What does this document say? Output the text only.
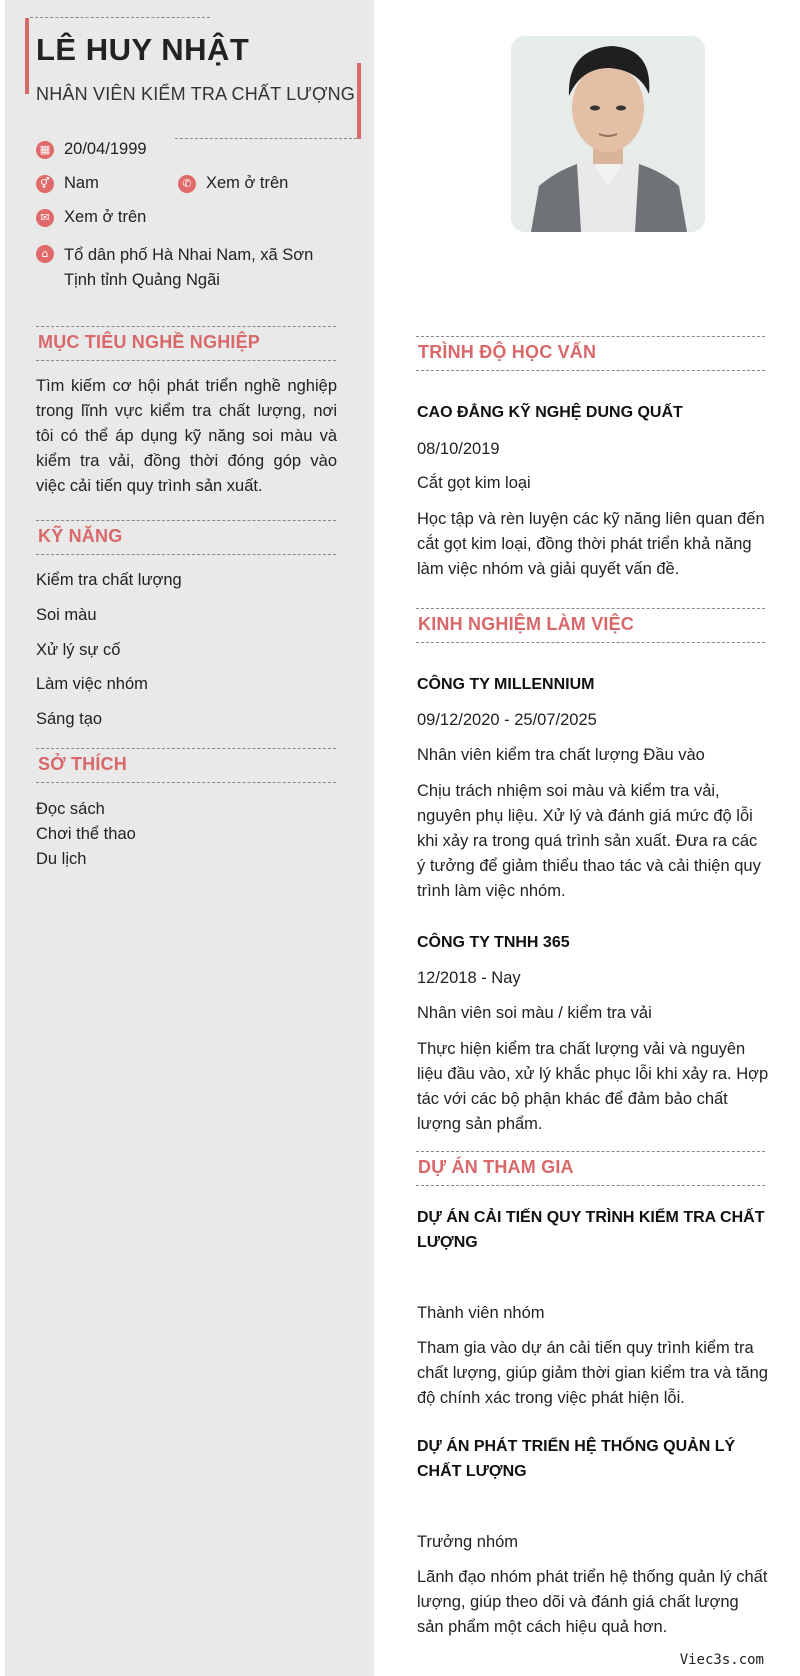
LÊ HUY NHẬT
NHÂN VIÊN KIỂM TRA CHẤT LƯỢNG
▦ 20/04/1999
⚥ Nam	✆ Xem ở trên
✉ Xem ở trên
⌂ Tổ dân phố Hà Nhai Nam, xã Sơn Tịnh tỉnh Quảng Ngãi
MỤC TIÊU NGHỀ NGHIỆP
Tìm kiếm cơ hội phát triển nghề nghiệp trong lĩnh vực kiểm tra chất lượng, nơi tôi có thể áp dụng kỹ năng soi màu và kiểm tra vải, đồng thời đóng góp vào việc cải tiến quy trình sản xuất.
KỸ NĂNG
Kiểm tra chất lượng
Soi màu
Xử lý sự cố
Làm việc nhóm
Sáng tạo
SỞ THÍCH
Đọc sách
Chơi thể thao
Du lịch
TRÌNH ĐỘ HỌC VẤN
CAO ĐẲNG KỸ NGHỆ DUNG QUẤT
08/10/2019
Cắt gọt kim loại
Học tập và rèn luyện các kỹ năng liên quan đến cắt gọt kim loại, đồng thời phát triển khả năng làm việc nhóm và giải quyết vấn đề.
KINH NGHIỆM LÀM VIỆC
CÔNG TY MILLENNIUM
09/12/2020 - 25/07/2025
Nhân viên kiểm tra chất lượng Đầu vào
Chịu trách nhiệm soi màu và kiểm tra vải, nguyên phụ liệu. Xử lý và đánh giá mức độ lỗi khi xảy ra trong quá trình sản xuất. Đưa ra các ý tưởng để giảm thiểu thao tác và cải thiện quy trình làm việc nhóm.
CÔNG TY TNHH 365
12/2018 - Nay
Nhân viên soi màu / kiểm tra vải
Thực hiện kiểm tra chất lượng vải và nguyên liệu đầu vào, xử lý khắc phục lỗi khi xảy ra. Hợp tác với các bộ phận khác để đảm bảo chất lượng sản phẩm.
DỰ ÁN THAM GIA
DỰ ÁN CẢI TIẾN QUY TRÌNH KIỂM TRA CHẤT LƯỢNG
Thành viên nhóm
Tham gia vào dự án cải tiến quy trình kiểm tra chất lượng, giúp giảm thời gian kiểm tra và tăng độ chính xác trong việc phát hiện lỗi.
DỰ ÁN PHÁT TRIỂN HỆ THỐNG QUẢN LÝ CHẤT LƯỢNG
Trưởng nhóm
Lãnh đạo nhóm phát triển hệ thống quản lý chất lượng, giúp theo dõi và đánh giá chất lượng sản phẩm một cách hiệu quả hơn.
Viec3s.com
